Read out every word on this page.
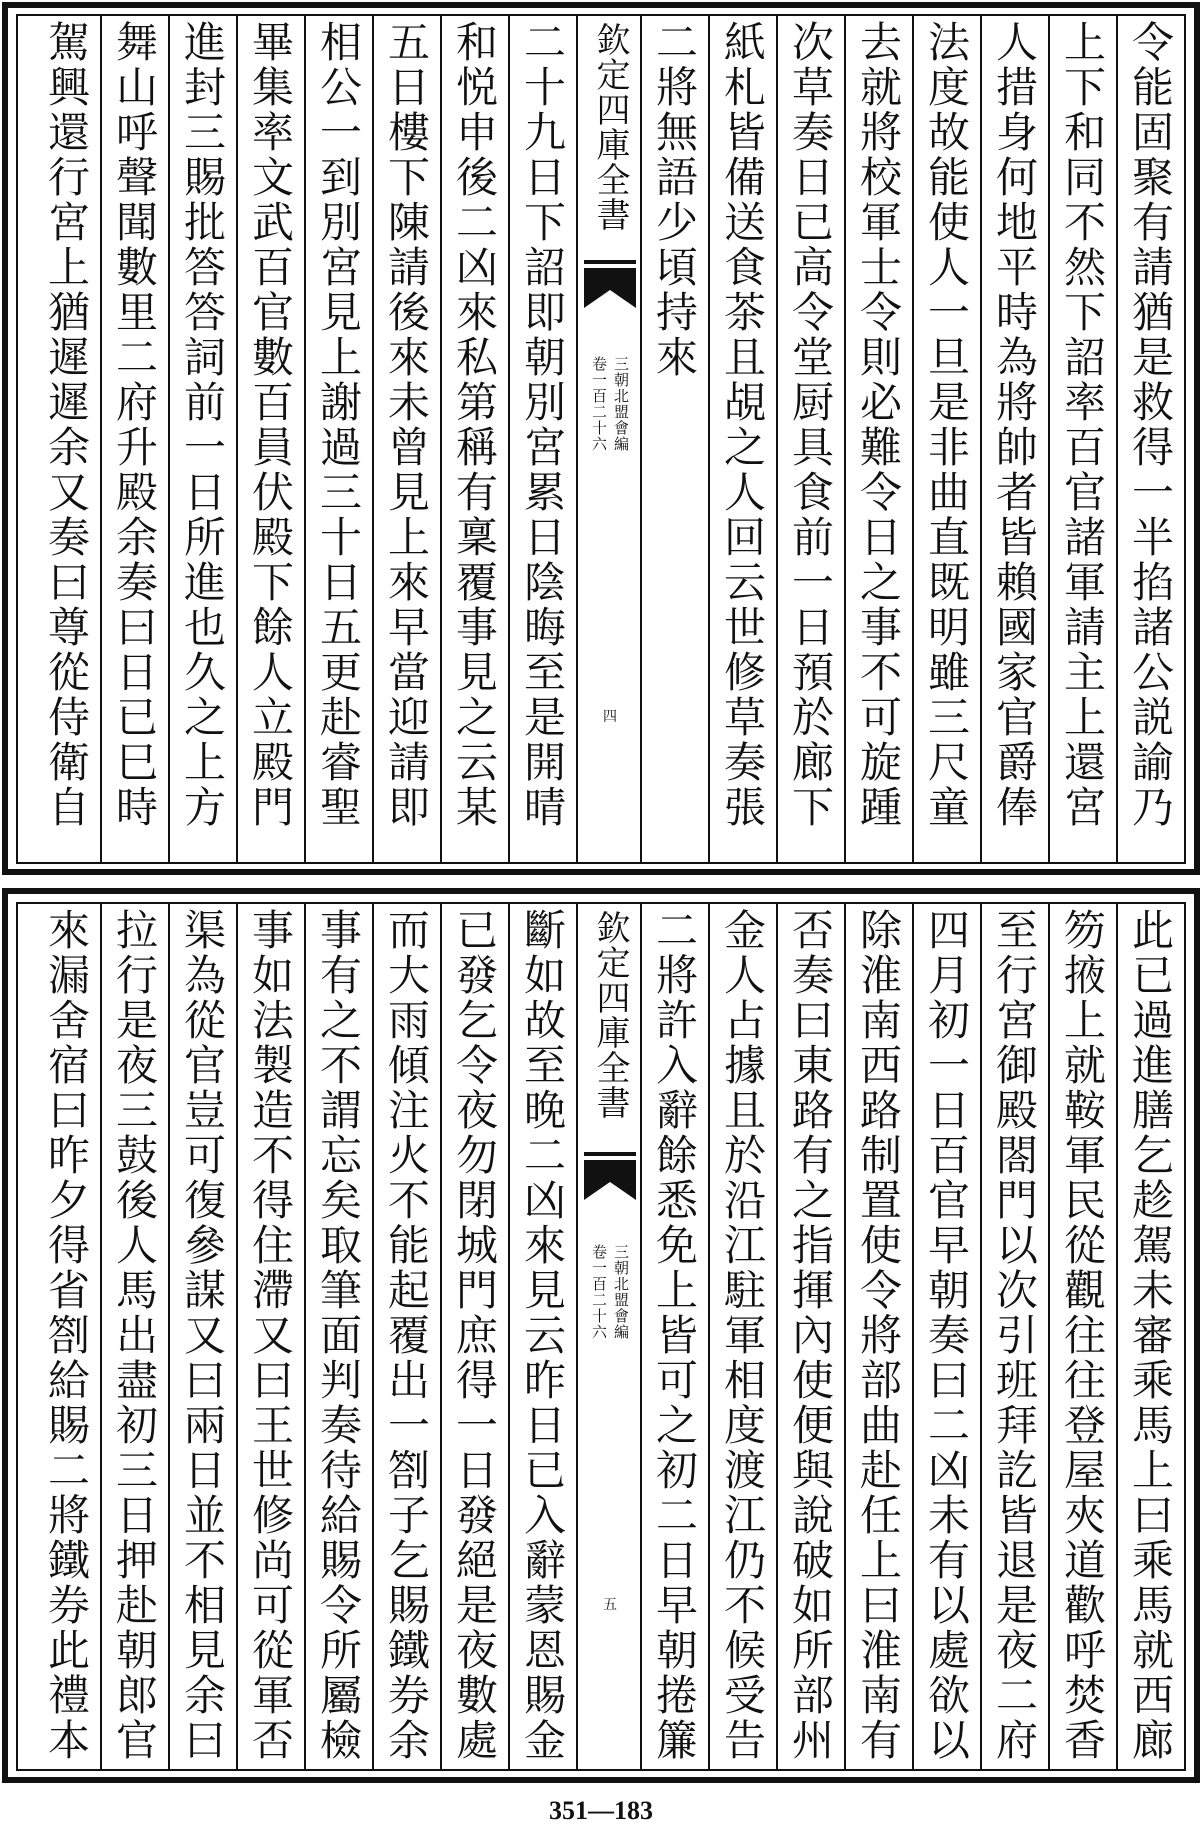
令能固聚有請猶是救得一半掐諸公説諭乃
上下和同不然下詔率百官諸軍請主上還宮
人措身何地平時為將帥者皆賴國家官爵俸
法度故能使人一旦是非曲直既明雖三尺童
去就將校軍士令則必難令日之事不可旋踵
次草奏日已高令堂厨具食前一日預於廊下
紙札皆備送食茶且覘之人回云世修草奏張
二將無語少頃持來
欽定四庫全書
三朝北盟會編
卷一百二十六
四
二十九日下詔即朝別宮累日陰晦至是開晴
和悦申後二凶來私第稱有稟覆事見之云某
五日樓下陳請後來未曾見上來早當迎請即
相公一到別宮見上謝過三十日五更赴睿聖
畢集率文武百官數百員伏殿下餘人立殿門
進封三賜批答答詞前一日所進也久之上方
舞山呼聲聞數里二府升殿余奏曰日已巳時
駕興還行宮上猶遲遲余又奏曰尊從侍衛自
此已過進膳乞趁駕未審乘馬上曰乘馬就西廊
笏掖上就鞍軍民從觀往往登屋夾道歡呼焚香
至行宮御殿閤門以次引班拜訖皆退是夜二府
四月初一日百官早朝奏曰二凶未有以處欲以
除淮南西路制置使令將部曲赴任上曰淮南有
否奏曰東路有之指揮內使便與說破如所部州
金人占據且於沿江駐軍相度渡江仍不候受告
二將許入辭餘悉免上皆可之初二日早朝捲簾
欽定四庫全書
三朝北盟會編
卷一百二十六
五
斷如故至晚二凶來見云昨日已入辭蒙恩賜金
已發乞令夜勿閉城門庶得一日發絕是夜數處
而大雨傾注火不能起覆出一劄子乞賜鐵券余
事有之不謂忘矣取筆面判奏待給賜令所屬檢
事如法製造不得住滯又曰王世修尚可從軍否
渠為從官豈可復參謀又曰兩日並不相見余曰
拉行是夜三鼓後人馬出盡初三日押赴朝郎官
來漏舍宿曰昨夕得省劄給賜二將鐵券此禮本
351—183
